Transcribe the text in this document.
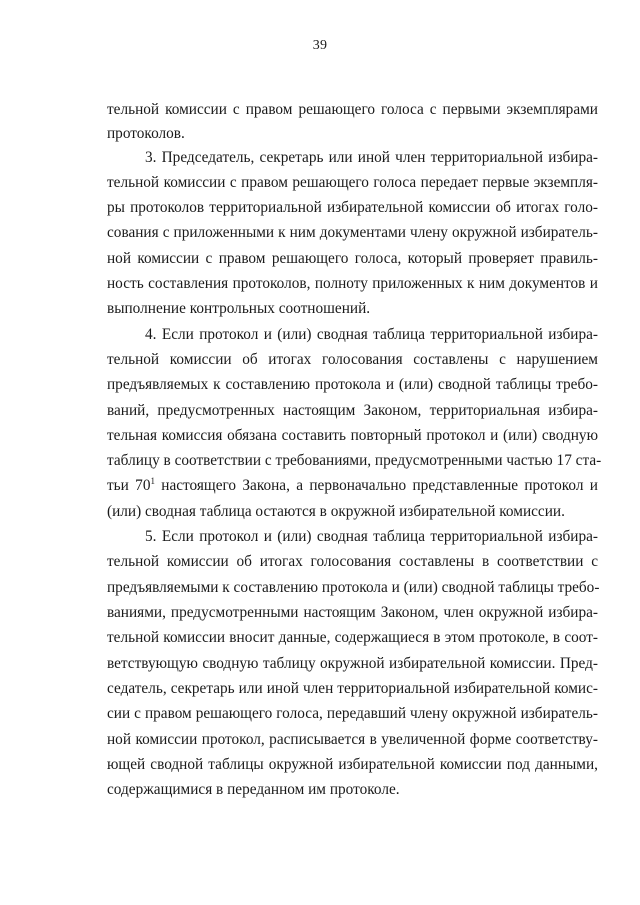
39
тельной комиссии с правом решающего голоса с первыми экземплярами
протоколов.
3. Председатель, секретарь или иной член территориальной избира-
тельной комиссии с правом решающего голоса передает первые экземпля-
ры протоколов территориальной избирательной комиссии об итогах голо-
сования с приложенными к ним документами члену окружной избиратель-
ной комиссии с правом решающего голоса, который проверяет правиль-
ность составления протоколов, полноту приложенных к ним документов и
выполнение контрольных соотношений.
4. Если протокол и (или) сводная таблица территориальной избира-
тельной комиссии об итогах голосования составлены с нарушением
предъявляемых к составлению протокола и (или) сводной таблицы требо-
ваний, предусмотренных настоящим Законом, территориальная избира-
тельная комиссия обязана составить повторный протокол и (или) сводную
таблицу в соответствии с требованиями, предусмотренными частью 17 ста-
тьи $70^1$ настоящего Закона, а первоначально представленные протокол и
(или) сводная таблица остаются в окружной избирательной комиссии.
5. Если протокол и (или) сводная таблица территориальной избира-
тельной комиссии об итогах голосования составлены в соответствии с
предъявляемыми к составлению протокола и (или) сводной таблицы требо-
ваниями, предусмотренными настоящим Законом, член окружной избира-
тельной комиссии вносит данные, содержащиеся в этом протоколе, в соот-
ветствующую сводную таблицу окружной избирательной комиссии. Пред-
седатель, секретарь или иной член территориальной избирательной комис-
сии с правом решающего голоса, передавший члену окружной избиратель-
ной комиссии протокол, расписывается в увеличенной форме соответству-
ющей сводной таблицы окружной избирательной комиссии под данными,
содержащимися в переданном им протоколе.
